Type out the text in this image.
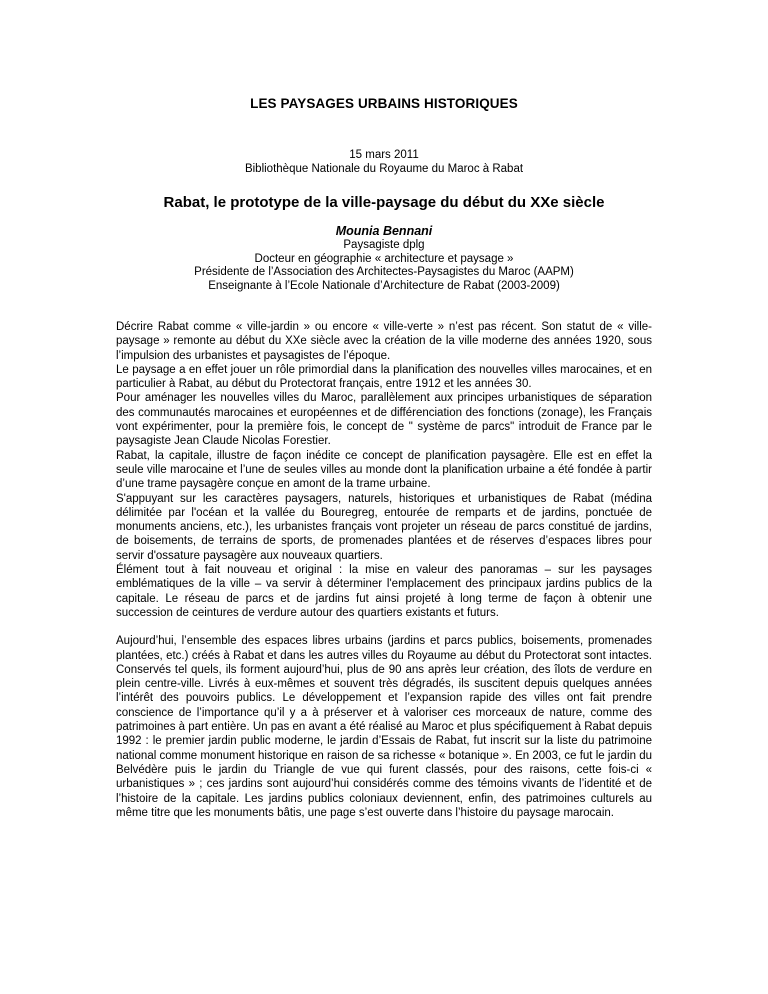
LES PAYSAGES URBAINS HISTORIQUES
15 mars 2011
Bibliothèque Nationale du Royaume du Maroc à Rabat
Rabat, le prototype de la ville-paysage du début du XXe siècle
Mounia Bennani
Paysagiste dplg
Docteur en géographie « architecture et paysage »
Présidente de l’Association des Architectes-Paysagistes du Maroc (AAPM)
Enseignante à l’Ecole Nationale d’Architecture de Rabat (2003-2009)

Décrire Rabat comme « ville-jardin » ou encore « ville-verte » n’est pas récent. Son statut de « ville-paysage » remonte au début du XXe siècle avec la création de la ville moderne des années 1920, sous l’impulsion des urbanistes et paysagistes de l’époque.

Le paysage a en effet jouer un rôle primordial dans la planification des nouvelles villes marocaines, et en particulier à Rabat, au début du Protectorat français, entre 1912 et les années 30.

Pour aménager les nouvelles villes du Maroc, parallèlement aux principes urbanistiques de séparation des communautés marocaines et européennes et de différenciation des fonctions (zonage), les Français vont expérimenter, pour la première fois, le concept de " système de parcs" introduit de France par le paysagiste Jean Claude Nicolas Forestier.

Rabat, la capitale, illustre de façon inédite ce concept de planification paysagère. Elle est en effet la seule ville marocaine et l’une de seules villes au monde dont la planification urbaine a été fondée à partir d’une trame paysagère conçue en amont de la trame urbaine.

S'appuyant sur les caractères paysagers, naturels, historiques et urbanistiques de Rabat (médina délimitée par l'océan et la vallée du Bouregreg, entourée de remparts et de jardins, ponctuée de monuments anciens, etc.), les urbanistes français vont projeter un réseau de parcs constitué de jardins, de boisements, de terrains de sports, de promenades plantées et de réserves d’espaces libres pour servir d'ossature paysagère aux nouveaux quartiers.

Élément tout à fait nouveau et original : la mise en valeur des panoramas – sur les paysages emblématiques de la ville – va servir à déterminer l'emplacement des principaux jardins publics de la capitale. Le réseau de parcs et de jardins fut ainsi projeté à long terme de façon à obtenir une succession de ceintures de verdure autour des quartiers existants et futurs.

Aujourd’hui, l’ensemble des espaces libres urbains (jardins et parcs publics, boisements, promenades plantées, etc.) créés à Rabat et dans les autres villes du Royaume au début du Protectorat sont intactes. Conservés tel quels, ils forment aujourd’hui, plus de 90 ans après leur création, des îlots de verdure en plein centre-ville. Livrés à eux-mêmes et souvent très dégradés, ils suscitent depuis quelques années l’intérêt des pouvoirs publics. Le développement et l’expansion rapide des villes ont fait prendre conscience de l’importance qu’il y a à préserver et à valoriser ces morceaux de nature, comme des patrimoines à part entière. Un pas en avant a été réalisé au Maroc et plus spécifiquement à Rabat depuis 1992 : le premier jardin public moderne, le jardin d’Essais de Rabat, fut inscrit sur la liste du patrimoine national comme monument historique en raison de sa richesse « botanique ». En 2003, ce fut le jardin du Belvédère puis le jardin du Triangle de vue qui furent classés, pour des raisons, cette fois-ci « urbanistiques » ; ces jardins sont aujourd’hui considérés comme des témoins vivants de l’identité et de l’histoire de la capitale. Les jardins publics coloniaux deviennent, enfin, des patrimoines culturels au même titre que les monuments bâtis, une page s’est ouverte dans l’histoire du paysage marocain.
